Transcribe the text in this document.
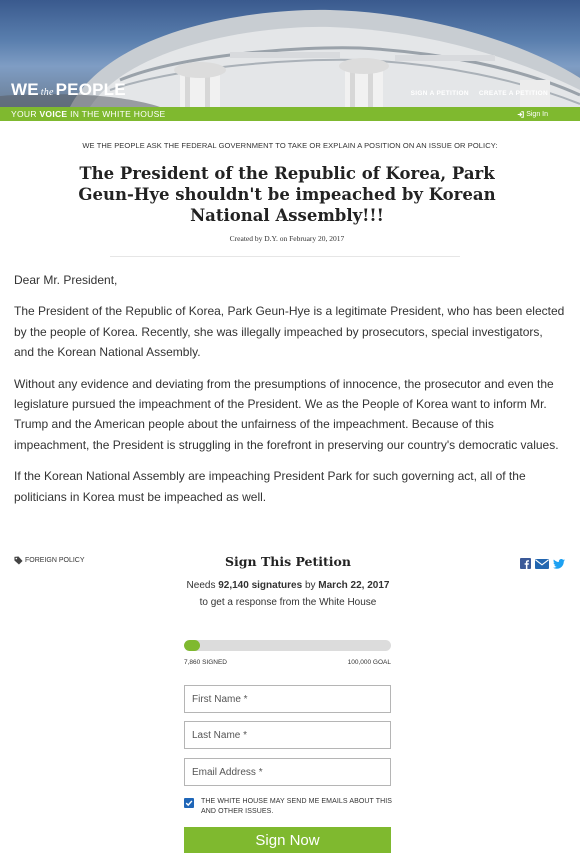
WE the PEOPLE	SIGN A PETITION CREATE A PETITION
YOUR VOICE IN THE WHITE HOUSE	Sign In
WE THE PEOPLE ASK THE FEDERAL GOVERNMENT TO TAKE OR EXPLAIN A POSITION ON AN ISSUE OR POLICY:
The President of the Republic of Korea, Park Geun-Hye shouldn't be impeached by Korean National Assembly!!!
Created by D.Y. on February 20, 2017

Dear Mr. President,

The President of the Republic of Korea, Park Geun-Hye is a legitimate President, who has been elected by the people of Korea. Recently, she was illegally impeached by prosecutors, special investigators, and the Korean National Assembly.

Without any evidence and deviating from the presumptions of innocence, the prosecutor and even the legislature pursued the impeachment of the President. We as the People of Korea want to inform Mr. Trump and the American people about the unfairness of the impeachment. Because of this impeachment, the President is struggling in the forefront in preserving our country's democratic values.

If the Korean National Assembly are impeaching President Park for such governing act, all of the politicians in Korea must be impeached as well.

FOREIGN POLICY	Sign This Petition
Needs 92,140 signatures by March 22, 2017 to get a response from the White House
7,860 SIGNED	100,000 GOAL
First Name *
Last Name *
Email Address *
THE WHITE HOUSE MAY SEND ME EMAILS ABOUT THIS AND OTHER ISSUES.
Sign Now
